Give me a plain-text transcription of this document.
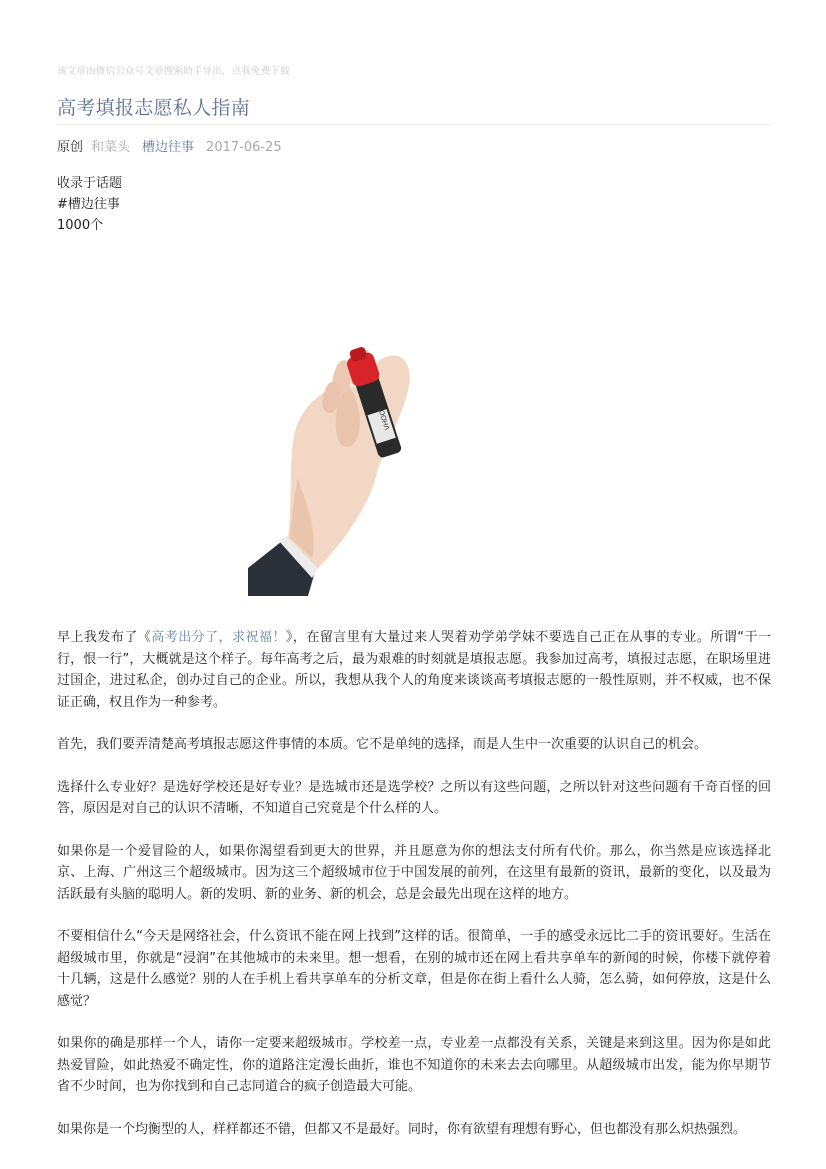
该文章由微信公众号文章搜索助手导出，点我免费下载
高考填报志愿私人指南
原创 和菜头 槽边往事 2017-06-25
收录于话题
#槽边往事
1000个
VHOOL

早上我发布了《高考出分了，求祝福！》，在留言里有大量过来人哭着劝学弟学妹不要选自己正在从事的专业。所谓“干一行，恨一行”，大概就是这个样子。每年高考之后，最为艰难的时刻就是填报志愿。我参加过高考，填报过志愿，在职场里进过国企，进过私企，创办过自己的企业。所以，我想从我个人的角度来谈谈高考填报志愿的一般性原则，并不权威，也不保证正确，权且作为一种参考。

首先，我们要弄清楚高考填报志愿这件事情的本质。它不是单纯的选择，而是人生中一次重要的认识自己的机会。

选择什么专业好？是选好学校还是好专业？是选城市还是选学校？之所以有这些问题，之所以针对这些问题有千奇百怪的回答，原因是对自己的认识不清晰，不知道自己究竟是个什么样的人。

如果你是一个爱冒险的人，如果你渴望看到更大的世界，并且愿意为你的想法支付所有代价。那么，你当然是应该选择北京、上海、广州这三个超级城市。因为这三个超级城市位于中国发展的前列，在这里有最新的资讯，最新的变化，以及最为活跃最有头脑的聪明人。新的发明、新的业务、新的机会，总是会最先出现在这样的地方。

不要相信什么“今天是网络社会，什么资讯不能在网上找到”这样的话。很简单，一手的感受永远比二手的资讯要好。生活在超级城市里，你就是“浸润”在其他城市的未来里。想一想看，在别的城市还在网上看共享单车的新闻的时候，你楼下就停着十几辆，这是什么感觉？别的人在手机上看共享单车的分析文章，但是你在街上看什么人骑，怎么骑，如何停放，这是什么感觉？

如果你的确是那样一个人，请你一定要来超级城市。学校差一点，专业差一点都没有关系，关键是来到这里。因为你是如此热爱冒险，如此热爱不确定性，你的道路注定漫长曲折，谁也不知道你的未来去去向哪里。从超级城市出发，能为你早期节省不少时间，也为你找到和自己志同道合的疯子创造最大可能。

如果你是一个均衡型的人，样样都还不错，但都又不是最好。同时，你有欲望有理想有野心，但也都没有那么炽热强烈。
